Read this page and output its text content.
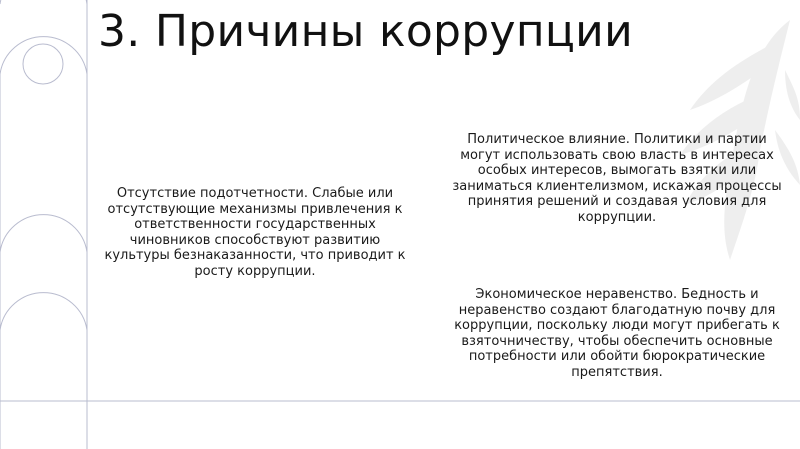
3. Причины коррупции

Отсутствие подотчетности. Слабые или отсутствующие механизмы привлечения к ответственности государственных чиновников способствуют развитию культуры безнаказанности, что приводит к росту коррупции.

Политическое влияние. Политики и партии могут использовать свою власть в интересах особых интересов, вымогать взятки или заниматься клиентелизмом, искажая процессы принятия решений и создавая условия для коррупции.

Экономическое неравенство. Бедность и неравенство создают благодатную почву для коррупции, поскольку люди могут прибегать к взяточничеству, чтобы обеспечить основные потребности или обойти бюрократические препятствия.
